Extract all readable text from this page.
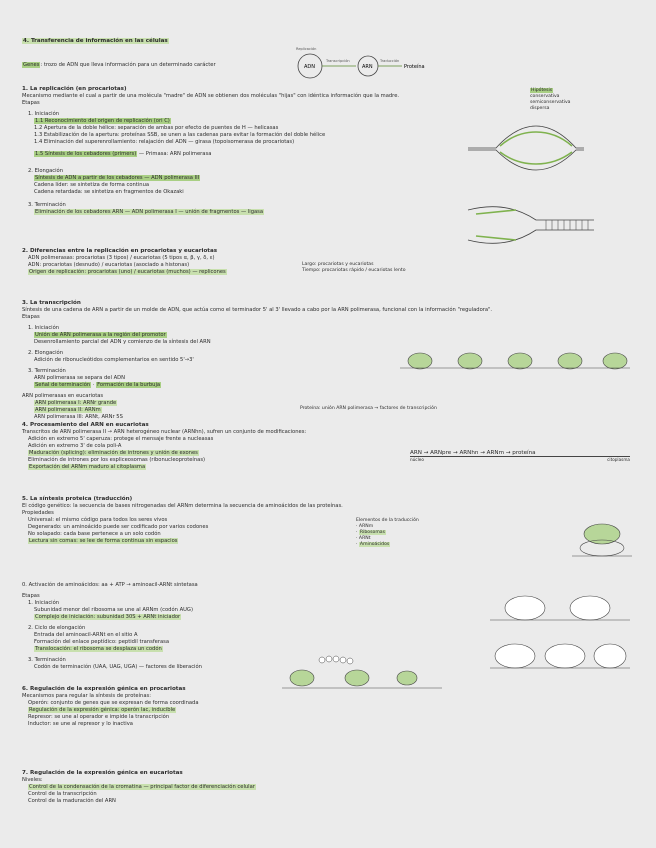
4. Transferencia de información en las células
Genes: trozo de ADN que lleva información para un determinado carácter	ADN	ARN	Proteína
Replicación
Transcripción	Traducción
1. La replicación (en procariotas)
Mecanismo mediante el cual a partir de una molécula "madre" de ADN se obtienen dos moléculas "hijas" con idéntica información que la madre.
Etapas
1. Iniciación
1.1 Reconocimiento del origen de replicación (ori C)
1.2 Apertura de la doble hélice: separación de ambas por efecto de puentes de H — helicasas
1.3 Estabilización de la apertura: proteínas SSB, se unen a las cadenas para evitar la formación del doble hélice
1.4 Eliminación del superenrollamiento: relajación del ADN — girasa (topoisomerasa de procariotas)
1.5 Síntesis de los cebadores (primers) — Primasa: ARN polimerasa
2. Elongación
Síntesis de ADN a partir de los cebadores — ADN polimerasa III
Cadena líder: se sintetiza de forma continua
Cadena retardada: se sintetiza en fragmentos de Okazaki
3. Terminación
Eliminación de los cebadores ARN — ADN polimerasa I — unión de fragmentos — ligasa
Hipótesis
conservativa
semiconservativa
dispersa
2. Diferencias entre la replicación en procariotas y eucariotas
ADN polimerasas: procariotas (3 tipos) / eucariotas (5 tipos α, β, γ, δ, ε)
ADN: procariotas (desnudo) / eucariotas (asociado a histonas)
Origen de replicación: procariotas (uno) / eucariotas (muchos) — replicones
Largo: procariotas y eucariotas
Tiempo: procariotas rápido / eucariotas lento
3. La transcripción
Síntesis de una cadena de ARN a partir de un molde de ADN, que actúa como el terminador 5' al 3' llevado a cabo por la ARN polimerasa, funcional con la información "reguladora".
Etapas
1. Iniciación
Unión de ARN polimerasa a la región del promotor
Desenrollamiento parcial del ADN y comienzo de la síntesis del ARN
2. Elongación
Adición de ribonucleótidos complementarios en sentido 5'→3'
3. Terminación
ARN polimerasa se separa del ADN
Señal de terminación · Formación de la burbuja
ARN polimerasas en eucariotas
ARN polimerasa I: ARNr grande
ARN polimerasa II: ARNm
ARN polimerasa III: ARNt, ARNr 5S
Proteína: unión ARN polimerasa → factores de transcripción
4. Procesamiento del ARN en eucariotas
Transcritos de ARN polimerasa II → ARN heterogéneo nuclear (ARNhn), sufren un conjunto de modificaciones:
Adición en extremo 5' caperuza: protege el mensaje frente a nucleasas
Adición en extremo 3' de cola poli-A
Maduración (splicing): eliminación de intrones y unión de exones
Eliminación de intrones por los espliceosomas (ribonucleoproteínas)
Exportación del ARNm maduro al citoplasma
ARN → ARNpre → ARNhn → ARNm → proteína
núcleo	citoplasma
5. La síntesis proteica (traducción)
El código genético: la secuencia de bases nitrogenadas del ARNm determina la secuencia de aminoácidos de las proteínas.
Propiedades
Universal: el mismo código para todos los seres vivos
Degenerado: un aminoácido puede ser codificado por varios codones
No solapado: cada base pertenece a un solo codón
Lectura sin comas: se lee de forma continua sin espacios
Elementos de la traducción
· ARNm
· Ribosomas
· ARNt
· Aminoácidos
0. Activación de aminoácidos: aa + ATP → aminoacil-ARNt sintetasa
Etapas
1. Iniciación
Subunidad menor del ribosoma se une al ARNm (codón AUG)
Complejo de iniciación: subunidad 30S + ARNt iniciador
2. Ciclo de elongación
Entrada del aminoacil-ARNt en el sitio A
Formación del enlace peptídico: peptidil transferasa
Translocación: el ribosoma se desplaza un codón
3. Terminación
Codón de terminación (UAA, UAG, UGA) — factores de liberación
6. Regulación de la expresión génica en procariotas
Mecanismos para regular la síntesis de proteínas:
Operón: conjunto de genes que se expresan de forma coordinada
Regulación de la expresión génica: operón lac, inducible
Represor: se une al operador e impide la transcripción
Inductor: se une al represor y lo inactiva
7. Regulación de la expresión génica en eucariotas
Niveles:
Control de la condensación de la cromatina — principal factor de diferenciación celular
Control de la transcripción
Control de la maduración del ARN
